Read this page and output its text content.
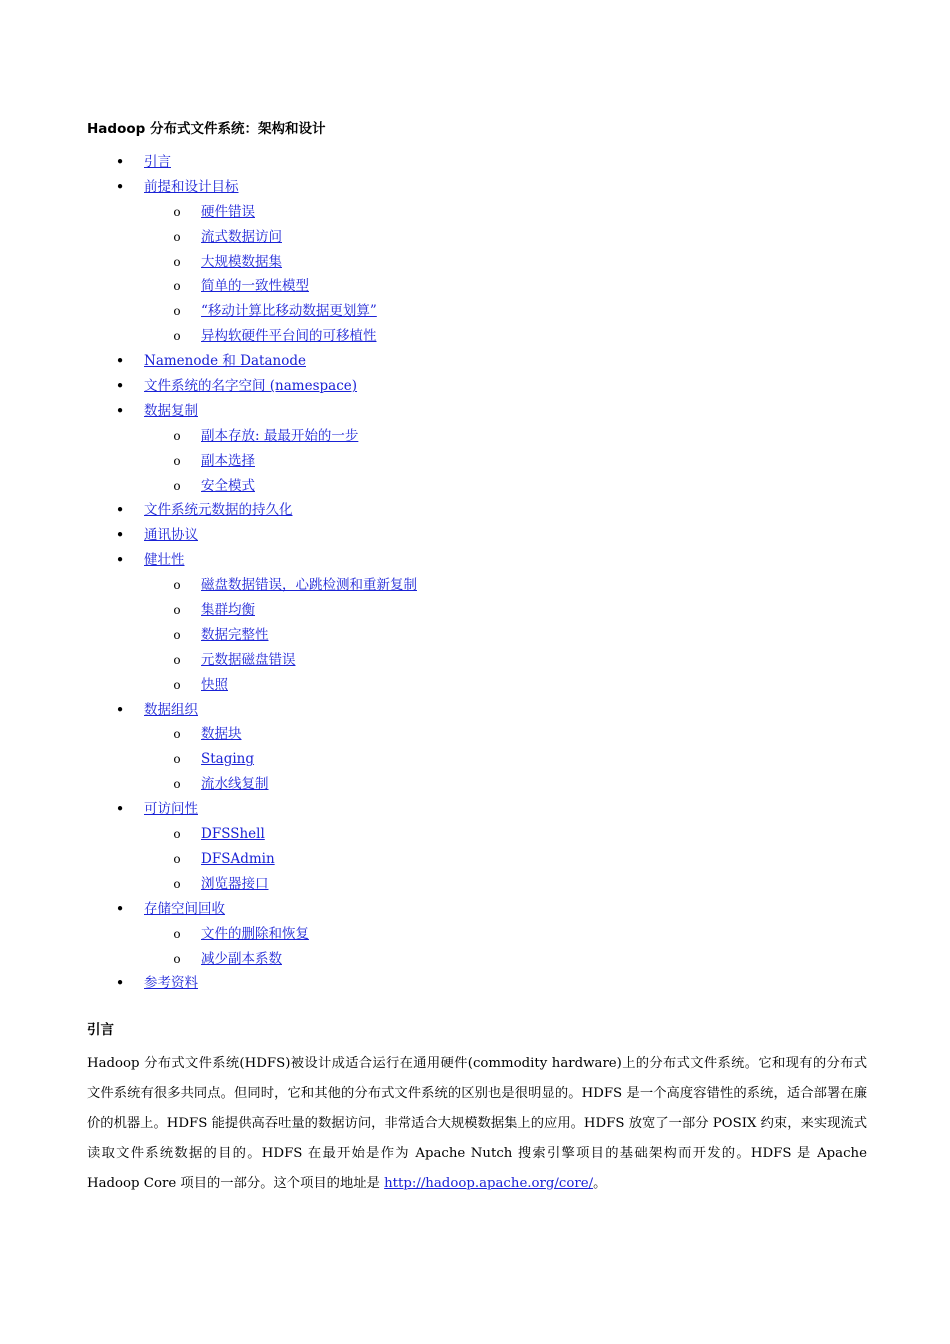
Hadoop 分布式文件系统：架构和设计
• 引言
• 前提和设计目标
o 硬件错误
o 流式数据访问
o 大规模数据集
o 简单的一致性模型
o “移动计算比移动数据更划算”
o 异构软硬件平台间的可移植性
• Namenode 和 Datanode
• 文件系统的名字空间 (namespace)
• 数据复制
o 副本存放: 最最开始的一步
o 副本选择
o 安全模式
• 文件系统元数据的持久化
• 通讯协议
• 健壮性
o 磁盘数据错误，心跳检测和重新复制
o 集群均衡
o 数据完整性
o 元数据磁盘错误
o 快照
• 数据组织
o 数据块
o Staging
o 流水线复制
• 可访问性
o DFSShell
o DFSAdmin
o 浏览器接口
• 存储空间回收
o 文件的删除和恢复
o 减少副本系数
• 参考资料
引言

Hadoop 分布式文件系统(HDFS)被设计成适合运行在通用硬件(commodity hardware)上的分布式文件系统。它和现有的分布式文件系统有很多共同点。但同时，它和其他的分布式文件系统的区别也是很明显的。HDFS 是一个高度容错性的系统，适合部署在廉价的机器上。HDFS 能提供高吞吐量的数据访问，非常适合大规模数据集上的应用。HDFS 放宽了一部分 POSIX 约束，来实现流式读取文件系统数据的目的。HDFS 在最开始是作为 Apache Nutch 搜索引擎项目的基础架构而开发的。HDFS 是 Apache Hadoop Core 项目的一部分。这个项目的地址是 http://hadoop.apache.org/core/。
